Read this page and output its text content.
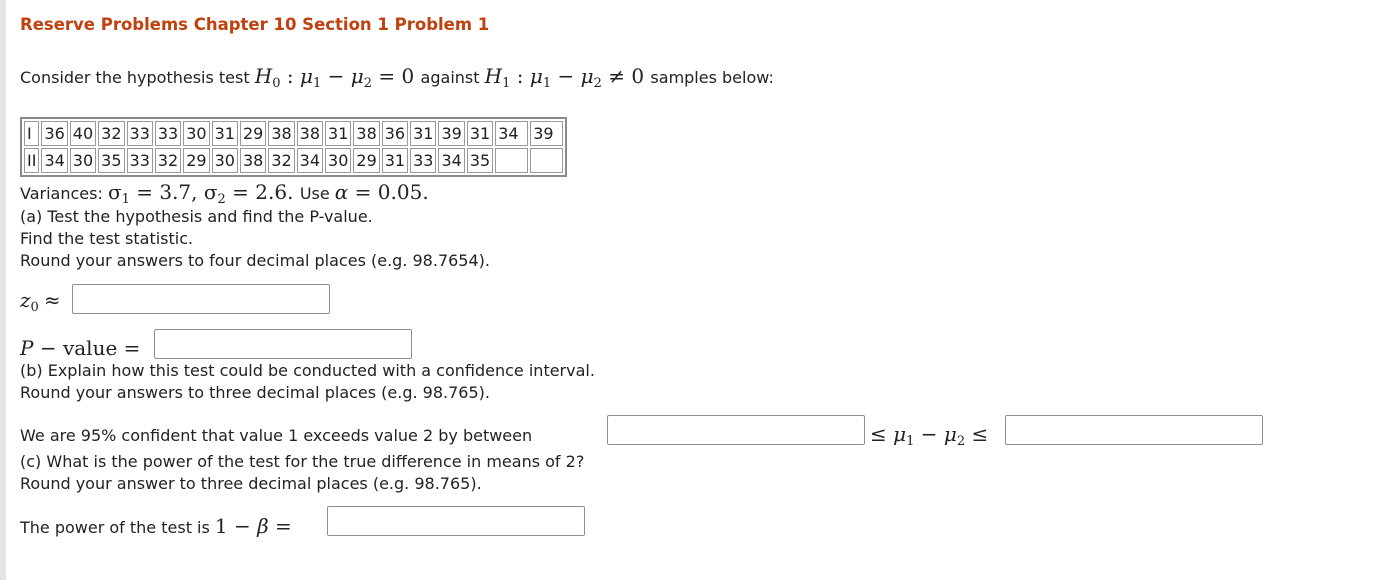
Reserve Problems Chapter 10 Section 1 Problem 1
Consider the hypothesis test $H_0$ : $\mu_1 - \mu_2 = 0$ against $H_1$ : $\mu_1 - \mu_2 \ne 0$ samples below:
I	36	40	32	33	33	30	31	29	38	38	31	38	36	31	39	31	34	39
II	34	30	35	33	32	29	30	38	32	34	30	29	31	33	34	35		
Variances: $\sigma_1 = 3.7$, $\sigma_2 = 2.6$. Use α = 0.05.
(a) Test the hypothesis and find the P-value.
Find the test statistic.
Round your answers to four decimal places (e.g. 98.7654).
$z_0$ ≈
P − value =
(b) Explain how this test could be conducted with a confidence interval.
Round your answers to three decimal places (e.g. 98.765).
We are 95% confident that value 1 exceeds value 2 by between	≤ $\mu_1 - \mu_2$ ≤
(c) What is the power of the test for the true difference in means of 2?
Round your answer to three decimal places (e.g. 98.765).
The power of the test is 1 − β =
